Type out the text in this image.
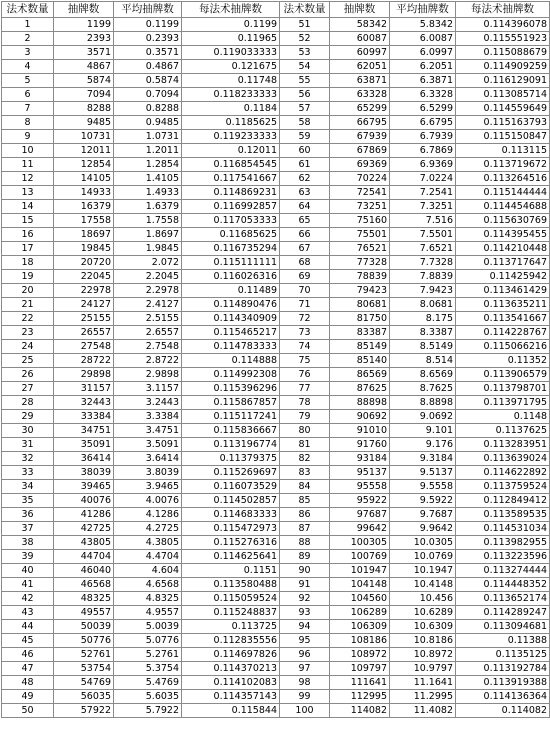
法术数量	抽牌数	平均抽牌数	每法术抽牌数	法术数量	抽牌数	平均抽牌数	每法术抽牌数
1	1199	0.1199	0.1199	51	58342	5.8342	0.114396078
2	2393	0.2393	0.11965	52	60087	6.0087	0.115551923
3	3571	0.3571	0.119033333	53	60997	6.0997	0.115088679
4	4867	0.4867	0.121675	54	62051	6.2051	0.114909259
5	5874	0.5874	0.11748	55	63871	6.3871	0.116129091
6	7094	0.7094	0.118233333	56	63328	6.3328	0.113085714
7	8288	0.8288	0.1184	57	65299	6.5299	0.114559649
8	9485	0.9485	0.1185625	58	66795	6.6795	0.115163793
9	10731	1.0731	0.119233333	59	67939	6.7939	0.115150847
10	12011	1.2011	0.12011	60	67869	6.7869	0.113115
11	12854	1.2854	0.116854545	61	69369	6.9369	0.113719672
12	14105	1.4105	0.117541667	62	70224	7.0224	0.113264516
13	14933	1.4933	0.114869231	63	72541	7.2541	0.115144444
14	16379	1.6379	0.116992857	64	73251	7.3251	0.114454688
15	17558	1.7558	0.117053333	65	75160	7.516	0.115630769
16	18697	1.8697	0.11685625	66	75501	7.5501	0.114395455
17	19845	1.9845	0.116735294	67	76521	7.6521	0.114210448
18	20720	2.072	0.115111111	68	77328	7.7328	0.113717647
19	22045	2.2045	0.116026316	69	78839	7.8839	0.11425942
20	22978	2.2978	0.11489	70	79423	7.9423	0.113461429
21	24127	2.4127	0.114890476	71	80681	8.0681	0.113635211
22	25155	2.5155	0.114340909	72	81750	8.175	0.113541667
23	26557	2.6557	0.115465217	73	83387	8.3387	0.114228767
24	27548	2.7548	0.114783333	74	85149	8.5149	0.115066216
25	28722	2.8722	0.114888	75	85140	8.514	0.11352
26	29898	2.9898	0.114992308	76	86569	8.6569	0.113906579
27	31157	3.1157	0.115396296	77	87625	8.7625	0.113798701
28	32443	3.2443	0.115867857	78	88898	8.8898	0.113971795
29	33384	3.3384	0.115117241	79	90692	9.0692	0.1148
30	34751	3.4751	0.115836667	80	91010	9.101	0.1137625
31	35091	3.5091	0.113196774	81	91760	9.176	0.113283951
32	36414	3.6414	0.11379375	82	93184	9.3184	0.113639024
33	38039	3.8039	0.115269697	83	95137	9.5137	0.114622892
34	39465	3.9465	0.116073529	84	95558	9.5558	0.113759524
35	40076	4.0076	0.114502857	85	95922	9.5922	0.112849412
36	41286	4.1286	0.114683333	86	97687	9.7687	0.113589535
37	42725	4.2725	0.115472973	87	99642	9.9642	0.114531034
38	43805	4.3805	0.115276316	88	100305	10.0305	0.113982955
39	44704	4.4704	0.114625641	89	100769	10.0769	0.113223596
40	46040	4.604	0.1151	90	101947	10.1947	0.113274444
41	46568	4.6568	0.113580488	91	104148	10.4148	0.114448352
42	48325	4.8325	0.115059524	92	104560	10.456	0.113652174
43	49557	4.9557	0.115248837	93	106289	10.6289	0.114289247
44	50039	5.0039	0.113725	94	106309	10.6309	0.113094681
45	50776	5.0776	0.112835556	95	108186	10.8186	0.11388
46	52761	5.2761	0.114697826	96	108972	10.8972	0.1135125
47	53754	5.3754	0.114370213	97	109797	10.9797	0.113192784
48	54769	5.4769	0.114102083	98	111641	11.1641	0.113919388
49	56035	5.6035	0.114357143	99	112995	11.2995	0.114136364
50	57922	5.7922	0.115844	100	114082	11.4082	0.114082
